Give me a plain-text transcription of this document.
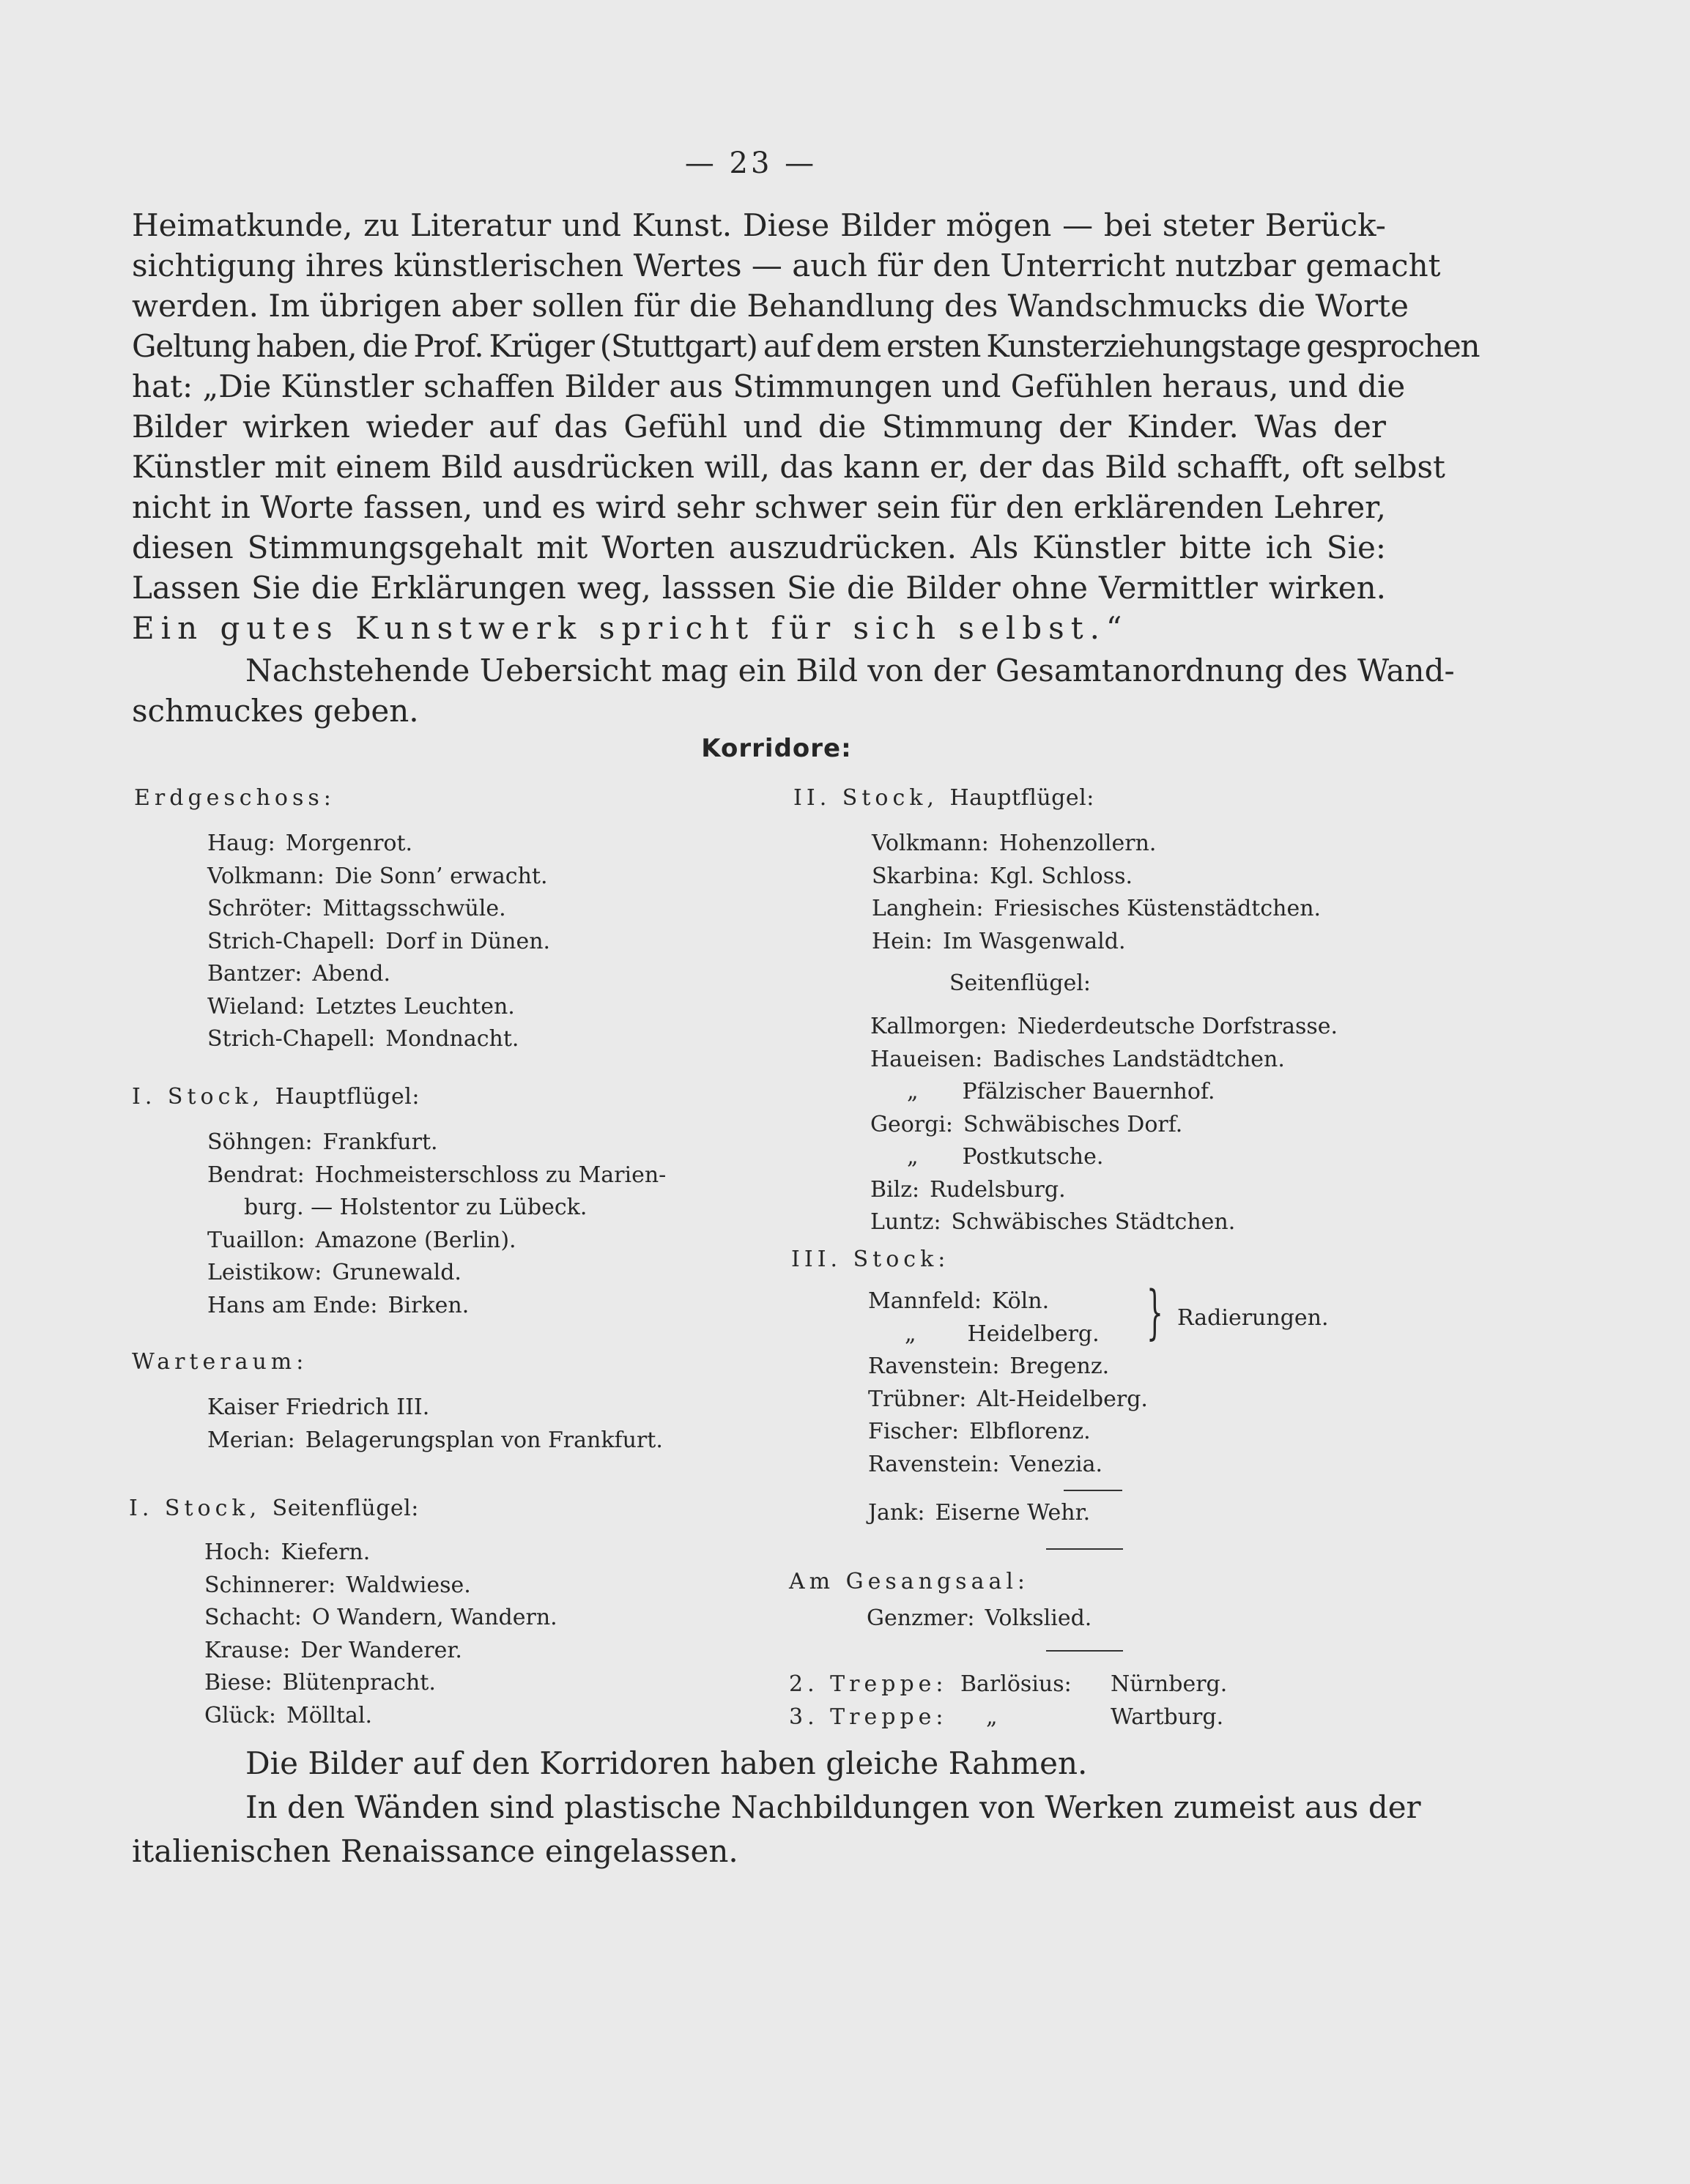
— 23 —
Heimatkunde, zu Literatur und Kunst. Diese Bilder mögen — bei steter Berück-
sichtigung ihres künstlerischen Wertes — auch für den Unterricht nutzbar gemacht
werden. Im übrigen aber sollen für die Behandlung des Wandschmucks die Worte
Geltung haben, die Prof. Krüger (Stuttgart) auf dem ersten Kunsterziehungstage gesprochen
hat: „Die Künstler schaffen Bilder aus Stimmungen und Gefühlen heraus, und die
Bilder wirken wieder auf das Gefühl und die Stimmung der Kinder. Was der
Künstler mit einem Bild ausdrücken will, das kann er, der das Bild schafft, oft selbst
nicht in Worte fassen, und es wird sehr schwer sein für den erklärenden Lehrer,
diesen Stimmungsgehalt mit Worten auszudrücken. Als Künstler bitte ich Sie:
Lassen Sie die Erklärungen weg, lasssen Sie die Bilder ohne Vermittler wirken.
Ein gutes Kunstwerk spricht für sich selbst.“
Nachstehende Uebersicht mag ein Bild von der Gesamtanordnung des Wand-
schmuckes geben.
Korridore:
Erdgeschoss:
Haug : Morgenrot.
Volkmann : Die Sonn’ erwacht.
Schröter : Mittagsschwüle.
Strich-Chapell : Dorf in Dünen.
Bantzer : Abend.
Wieland : Letztes Leuchten.
Strich-Chapell : Mondnacht.
I. Stock, Hauptflügel:
Söhngen : Frankfurt.
Bendrat : Hochmeisterschloss zu Marien-
burg. — Holstentor zu Lübeck.
Tuaillon : Amazone (Berlin).
Leistikow : Grunewald.
Hans am Ende : Birken.
Warteraum:
Kaiser Friedrich III.
Merian : Belagerungsplan von Frankfurt.
I. Stock, Seitenflügel:
Hoch : Kiefern.
Schinnerer : Waldwiese.
Schacht : O Wandern, Wandern.
Krause : Der Wanderer.
Biese : Blütenpracht.
Glück : Mölltal.
II. Stock, Hauptflügel:
Volkmann : Hohenzollern.
Skarbina : Kgl. Schloss.
Langhein : Friesisches Küstenstädtchen.
Hein : Im Wasgenwald.
Seitenflügel:
Kallmorgen : Niederdeutsche Dorfstrasse.
Haueisen : Badisches Landstädtchen.
„ Pfälzischer Bauernhof.
Georgi : Schwäbisches Dorf.
„ Postkutsche.
Bilz : Rudelsburg.
Luntz : Schwäbisches Städtchen.
III. Stock:
Mannfeld : Köln.
„ Heidelberg.
Ravenstein : Bregenz.
Trübner : Alt-Heidelberg.
Fischer : Elbflorenz.
Ravenstein : Venezia.
} Radierungen.
Jank : Eiserne Wehr.
Am Gesangsaal:
Genzmer : Volkslied.
2. Treppe: Barlösius: Nürnberg.
3. Treppe: „	Wartburg.
Die Bilder auf den Korridoren haben gleiche Rahmen.
In den Wänden sind plastische Nachbildungen von Werken zumeist aus der
italienischen Renaissance eingelassen.
